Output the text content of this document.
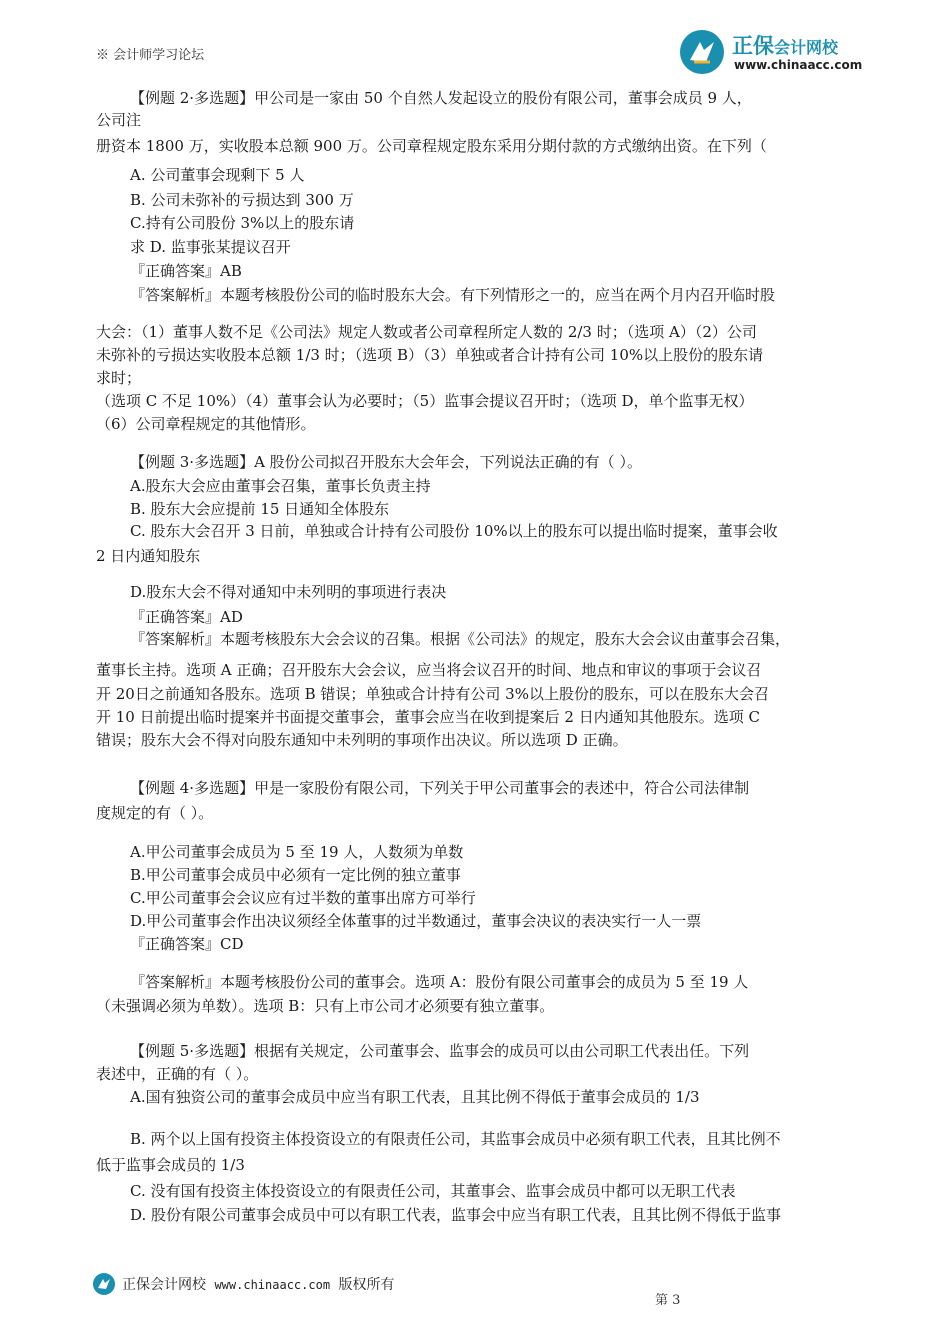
※ 会计师学习论坛	正保会计网校
www.chinaacc.com
【例题 2·多选题】甲公司是一家由 50 个自然人发起设立的股份有限公司，董事会成员 9 人，
公司注
册资本 1800 万，实收股本总额 900 万。公司章程规定股东采用分期付款的方式缴纳出资。在下列（
A. 公司董事会现剩下 5 人
B. 公司未弥补的亏损达到 300 万
C.持有公司股份 3%以上的股东请
求 D. 监事张某提议召开
『正确答案』AB
『答案解析』本题考核股份公司的临时股东大会。有下列情形之一的，应当在两个月内召开临时股
大会：（1）董事人数不足《公司法》规定人数或者公司章程所定人数的 2/3 时；（选项 A）（2）公司
未弥补的亏损达实收股本总额 1/3 时；（选项 B）（3）单独或者合计持有公司 10%以上股份的股东请
求时；
（选项 C 不足 10%）（4）董事会认为必要时；（5）监事会提议召开时；（选项 D，单个监事无权）
（6）公司章程规定的其他情形。
【例题 3·多选题】A 股份公司拟召开股东大会年会，下列说法正确的有（ ）。
A.股东大会应由董事会召集，董事长负责主持
B. 股东大会应提前 15 日通知全体股东
C. 股东大会召开 3 日前，单独或合计持有公司股份 10%以上的股东可以提出临时提案，董事会收
2 日内通知股东
D.股东大会不得对通知中未列明的事项进行表决
『正确答案』AD
『答案解析』本题考核股东大会会议的召集。根据《公司法》的规定，股东大会会议由董事会召集，
董事长主持。选项 A 正确；召开股东大会会议，应当将会议召开的时间、地点和审议的事项于会议召
开 20日之前通知各股东。选项 B 错误；单独或合计持有公司 3%以上股份的股东，可以在股东大会召
开 10 日前提出临时提案并书面提交董事会，董事会应当在收到提案后 2 日内通知其他股东。选项 C
错误；股东大会不得对向股东通知中未列明的事项作出决议。所以选项 D 正确。
【例题 4·多选题】甲是一家股份有限公司，下列关于甲公司董事会的表述中，符合公司法律制
度规定的有（ ）。
A.甲公司董事会成员为 5 至 19 人，人数须为单数
B.甲公司董事会成员中必须有一定比例的独立董事
C.甲公司董事会会议应有过半数的董事出席方可举行
D.甲公司董事会作出决议须经全体董事的过半数通过，董事会决议的表决实行一人一票
『正确答案』CD
『答案解析』本题考核股份公司的董事会。选项 A：股份有限公司董事会的成员为 5 至 19 人
（未强调必须为单数）。选项 B：只有上市公司才必须要有独立董事。
【例题 5·多选题】根据有关规定，公司董事会、监事会的成员可以由公司职工代表出任。下列
表述中，正确的有（ ）。
A.国有独资公司的董事会成员中应当有职工代表，且其比例不得低于董事会成员的 1/3
B. 两个以上国有投资主体投资设立的有限责任公司，其监事会成员中必须有职工代表，且其比例不
低于监事会成员的 1/3
C. 没有国有投资主体投资设立的有限责任公司，其董事会、监事会成员中都可以无职工代表
D. 股份有限公司董事会成员中可以有职工代表，监事会中应当有职工代表，且其比例不得低于监事
正保会计网校 www.chinaacc.com 版权所有
第 3
